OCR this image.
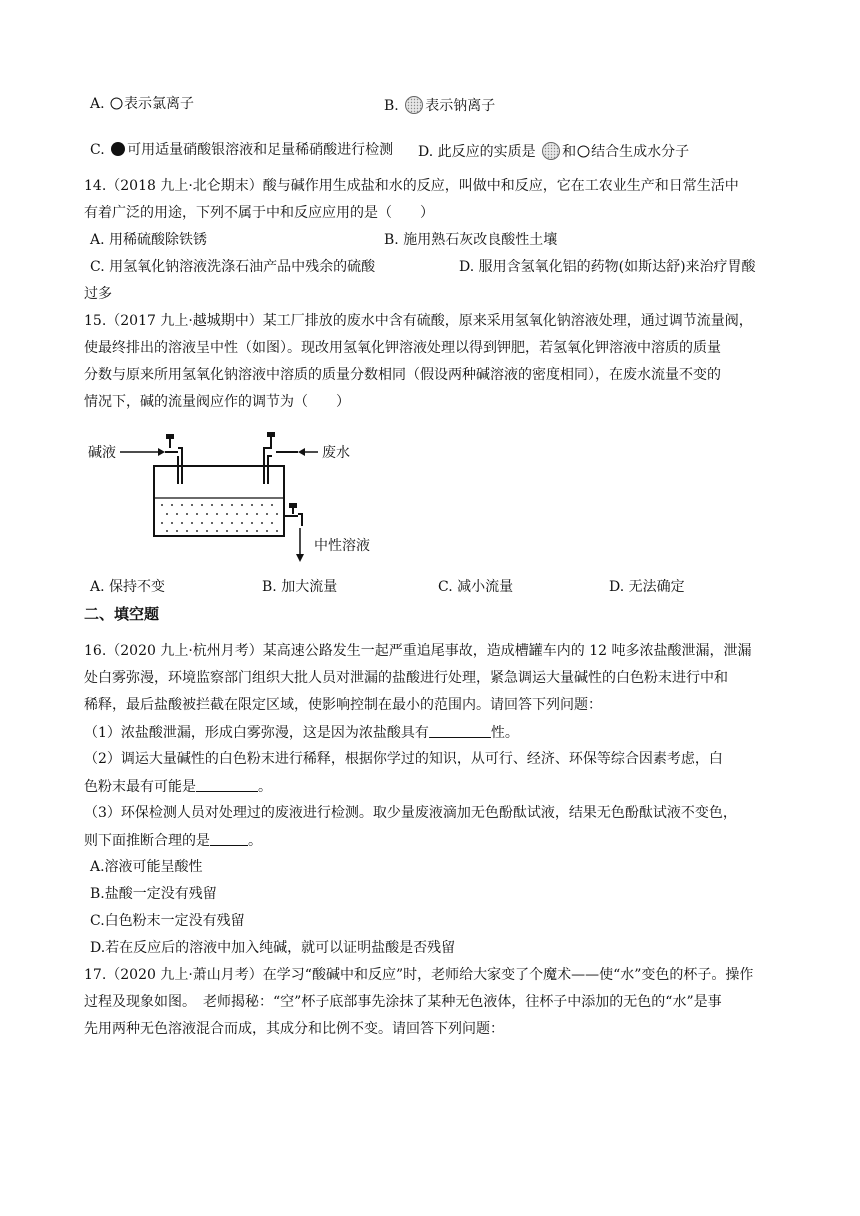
A. 表示氯离子	B. 表示钠离子
C. 可用适量硝酸银溶液和足量稀硝酸进行检测 D. 此反应的实质是 和 结合生成水分子
14.（2018 九上·北仑期末）酸与碱作用生成盐和水的反应，叫做中和反应，它在工农业生产和日常生活中
有着广泛的用途，下列不属于中和反应应用的是（　　）
A. 用稀硫酸除铁锈	B. 施用熟石灰改良酸性土壤
C. 用氢氧化钠溶液洗涤石油产品中残余的硫酸	D. 服用含氢氧化铝的药物(如斯达舒)来治疗胃酸
过多
15.（2017 九上·越城期中）某工厂排放的废水中含有硫酸，原来采用氢氧化钠溶液处理，通过调节流量阀，
使最终排出的溶液呈中性（如图）。现改用氢氧化钾溶液处理以得到钾肥，若氢氧化钾溶液中溶质的质量
分数与原来所用氢氧化钠溶液中溶质的质量分数相同（假设两种碱溶液的密度相同），在废水流量不变的
情况下，碱的流量阀应作的调节为（　　）
碱液	废水
中性溶液
A. 保持不变	B. 加大流量	C. 减小流量	D. 无法确定
二、填空题
16.（2020 九上·杭州月考）某高速公路发生一起严重追尾事故，造成槽罐车内的 12 吨多浓盐酸泄漏，泄漏
处白雾弥漫，环境监察部门组织大批人员对泄漏的盐酸进行处理，紧急调运大量碱性的白色粉末进行中和
稀释，最后盐酸被拦截在限定区域，使影响控制在最小的范围内。请回答下列问题：
（1）浓盐酸泄漏，形成白雾弥漫，这是因为浓盐酸具有	性。
（2）调运大量碱性的白色粉末进行稀释，根据你学过的知识，从可行、经济、环保等综合因素考虑，白
色粉末最有可能是	。
（3）环保检测人员对处理过的废液进行检测。取少量废液滴加无色酚酞试液，结果无色酚酞试液不变色，
则下面推断合理的是	。
A.溶液可能呈酸性
B.盐酸一定没有残留
C.白色粉末一定没有残留
D.若在反应后的溶液中加入纯碱，就可以证明盐酸是否残留
17.（2020 九上·萧山月考）在学习“酸碱中和反应”时，老师给大家变了个魔术——使“水”变色的杯子。操作
过程及现象如图。　老师揭秘：“空”杯子底部事先涂抹了某种无色液体，往杯子中添加的无色的“水”是事
先用两种无色溶液混合而成，其成分和比例不变。请回答下列问题：
